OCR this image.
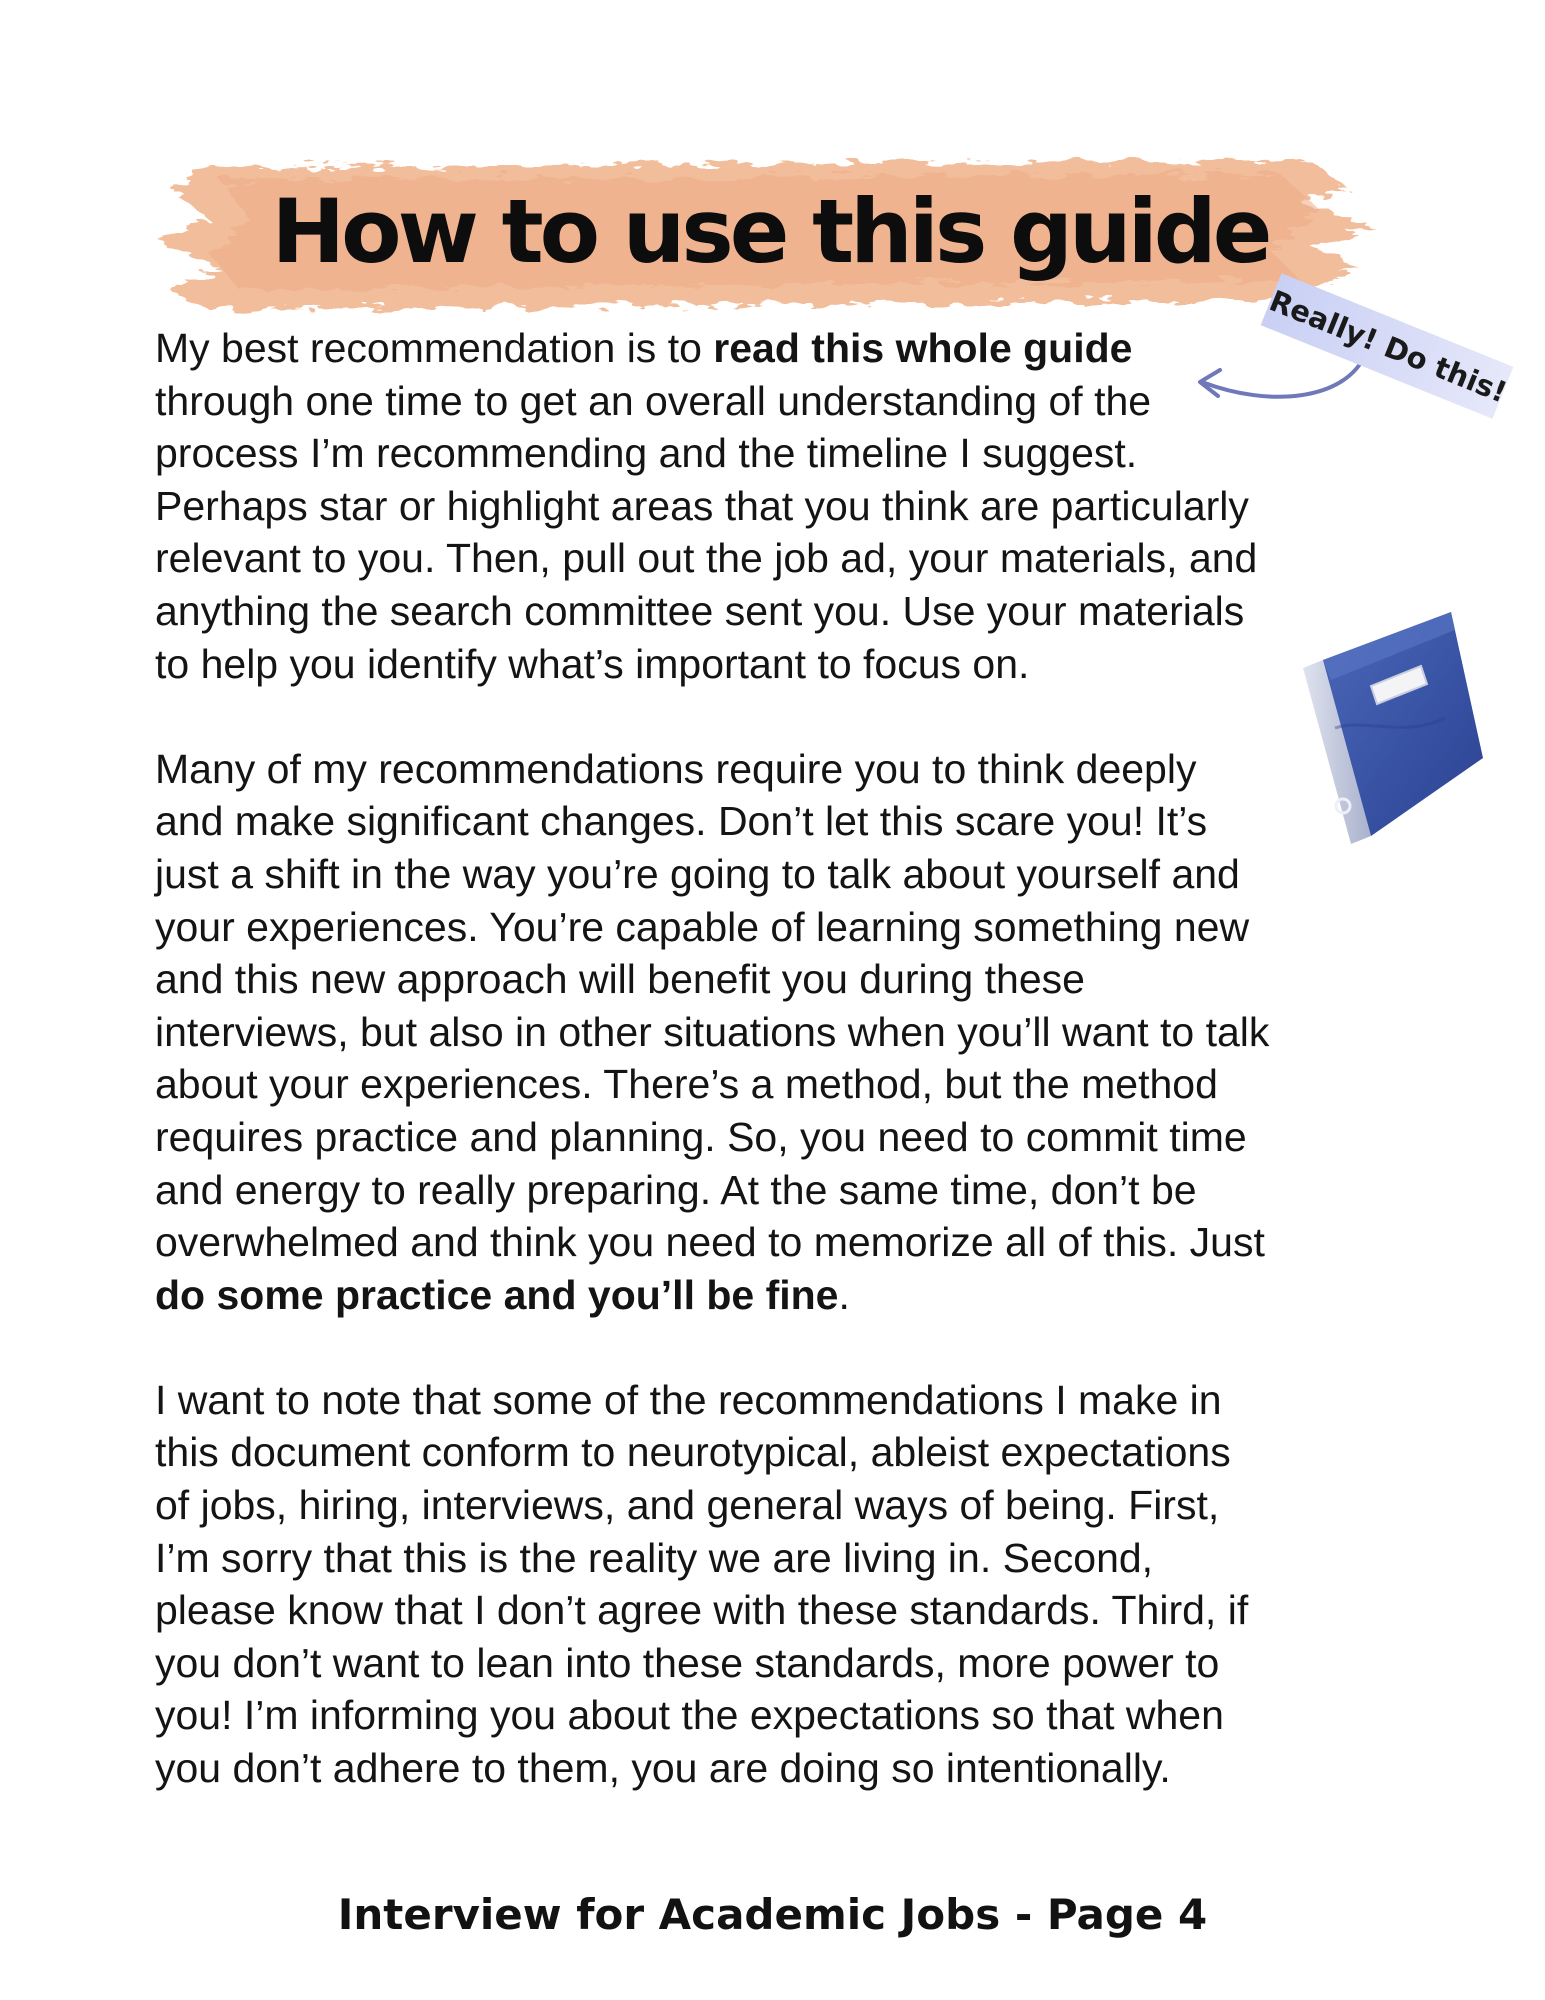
How to use this guide
Really! Do this!

My best recommendation is to read this whole guide
through one time to get an overall understanding of the
process I’m recommending and the timeline I suggest.
Perhaps star or highlight areas that you think are particularly
relevant to you. Then, pull out the job ad, your materials, and
anything the search committee sent you. Use your materials
to help you identify what’s important to focus on.

Many of my recommendations require you to think deeply
and make significant changes. Don’t let this scare you! It’s
just a shift in the way you’re going to talk about yourself and
your experiences. You’re capable of learning something new
and this new approach will benefit you during these
interviews, but also in other situations when you’ll want to talk
about your experiences. There’s a method, but the method
requires practice and planning. So, you need to commit time
and energy to really preparing. At the same time, don’t be
overwhelmed and think you need to memorize all of this. Just
do some practice and you’ll be fine.

I want to note that some of the recommendations I make in
this document conform to neurotypical, ableist expectations
of jobs, hiring, interviews, and general ways of being. First,
I’m sorry that this is the reality we are living in. Second,
please know that I don’t agree with these standards. Third, if
you don’t want to lean into these standards, more power to
you! I’m informing you about the expectations so that when
you don’t adhere to them, you are doing so intentionally.

Interview for Academic Jobs - Page 4
